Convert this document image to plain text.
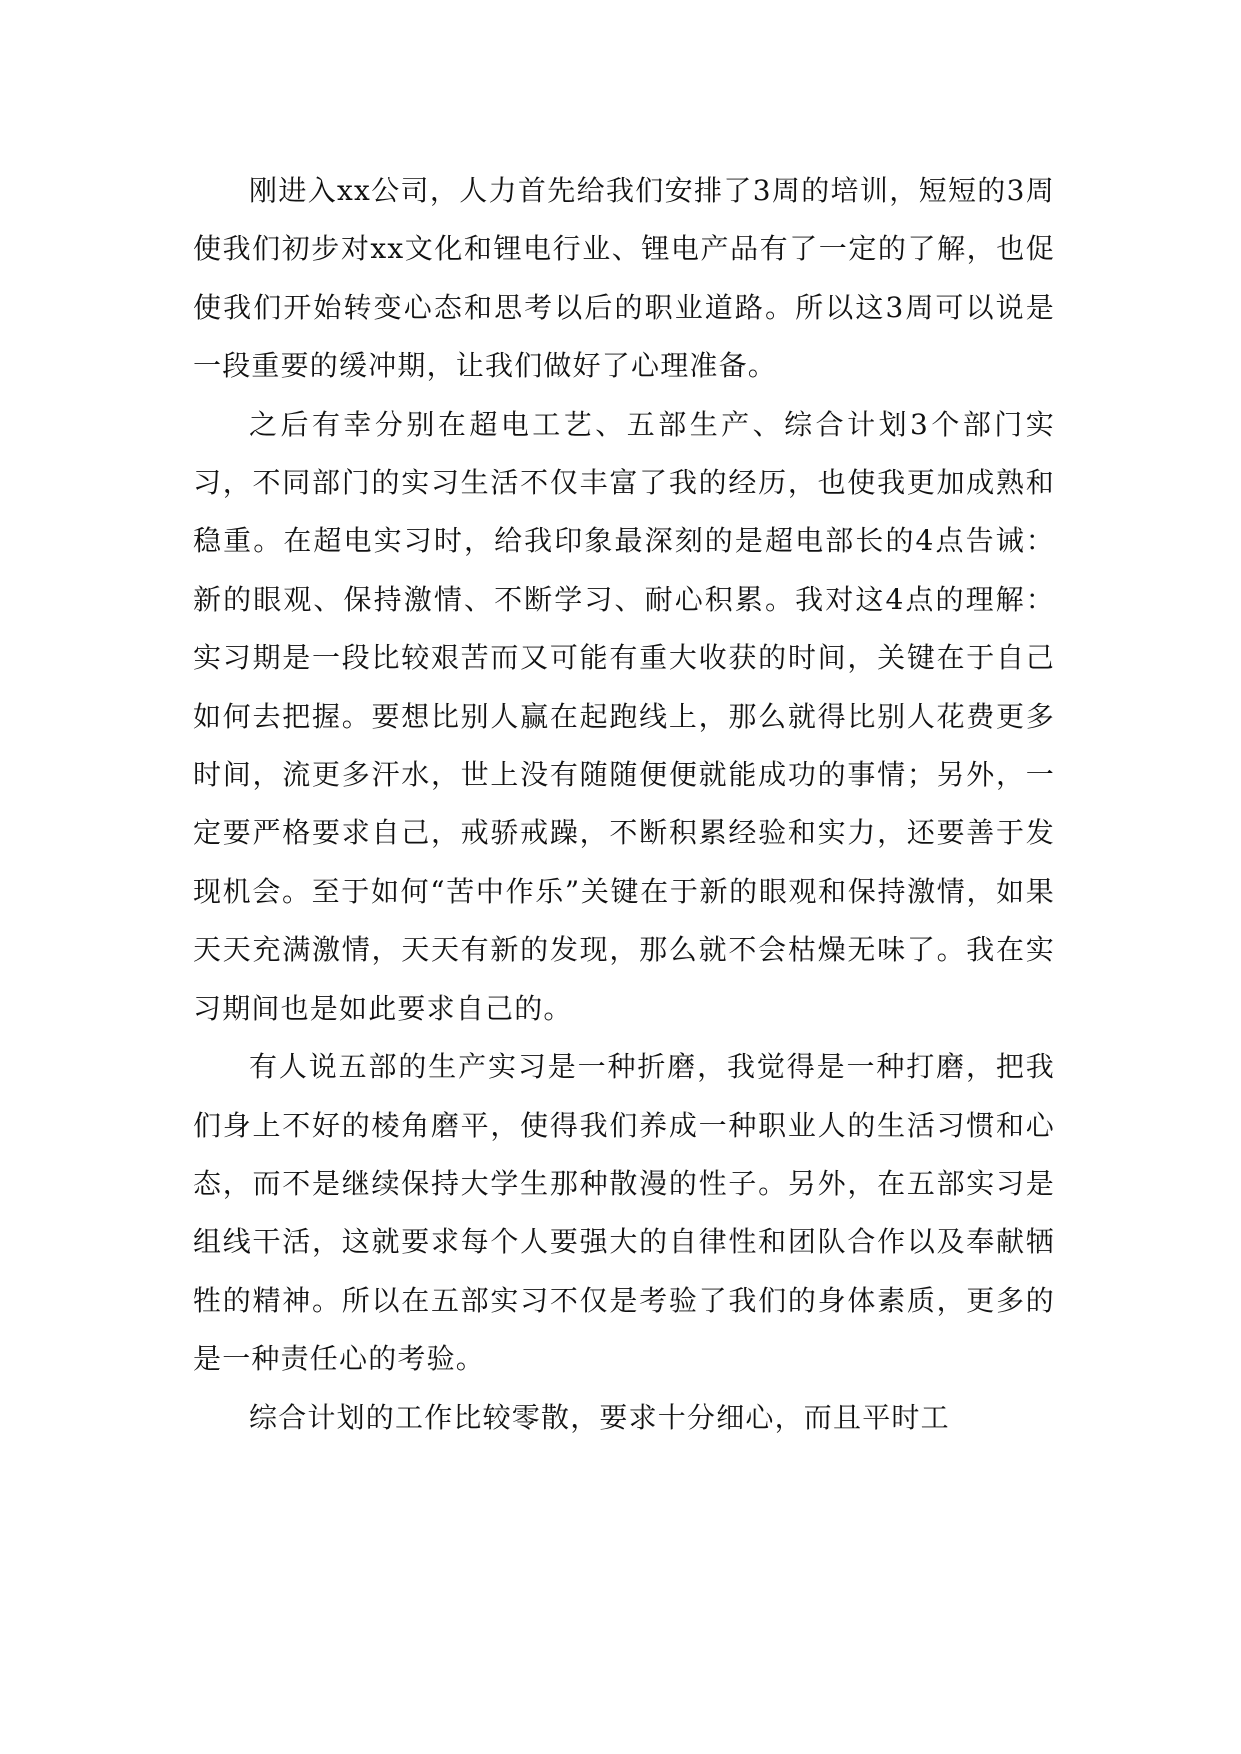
刚进入xx公司，人力首先给我们安排了3周的培训，短短的3周使我们初步对xx文化和锂电行业、锂电产品有了一定的了解，也促使我们开始转变心态和思考以后的职业道路。所以这3周可以说是一段重要的缓冲期，让我们做好了心理准备。

之后有幸分别在超电工艺、五部生产、综合计划3个部门实习，不同部门的实习生活不仅丰富了我的经历，也使我更加成熟和稳重。在超电实习时，给我印象最深刻的是超电部长的4点告诫：新的眼观、保持激情、不断学习、耐心积累。我对这4点的理解：实习期是一段比较艰苦而又可能有重大收获的时间，关键在于自己如何去把握。要想比别人赢在起跑线上，那么就得比别人花费更多时间，流更多汗水，世上没有随随便便就能成功的事情；另外，一定要严格要求自己，戒骄戒躁，不断积累经验和实力，还要善于发现机会。至于如何“苦中作乐”关键在于新的眼观和保持激情，如果天天充满激情，天天有新的发现，那么就不会枯燥无味了。我在实习期间也是如此要求自己的。

有人说五部的生产实习是一种折磨，我觉得是一种打磨，把我们身上不好的棱角磨平，使得我们养成一种职业人的生活习惯和心态，而不是继续保持大学生那种散漫的性子。另外，在五部实习是组线干活，这就要求每个人要强大的自律性和团队合作以及奉献牺牲的精神。所以在五部实习不仅是考验了我们的身体素质，更多的是一种责任心的考验。

综合计划的工作比较零散，要求十分细心，而且平时工
